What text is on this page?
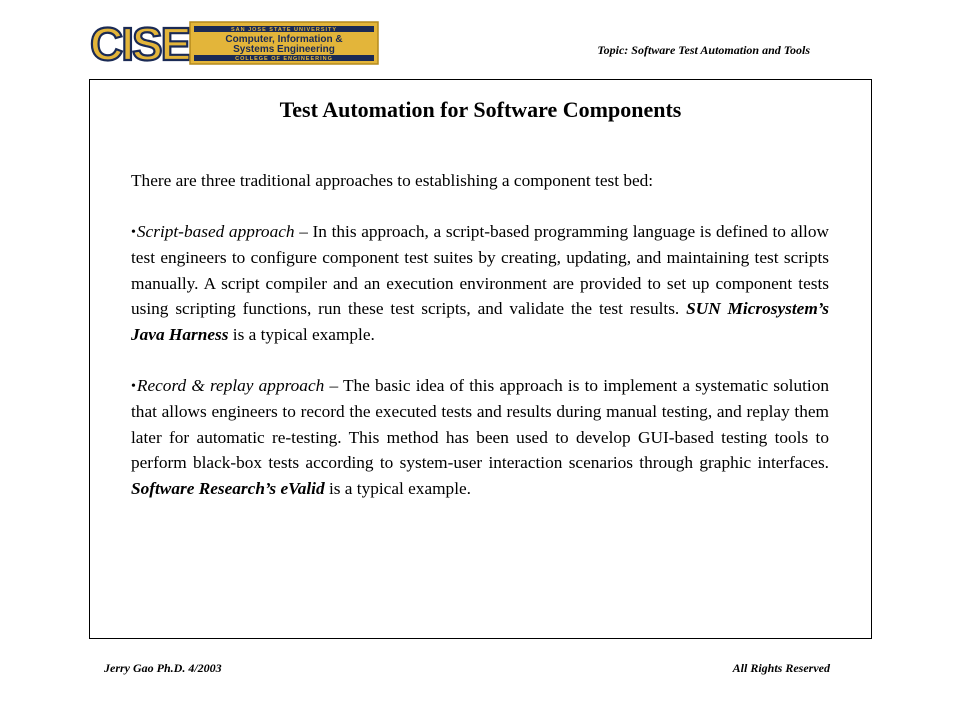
CISE	SAN JOSE STATE UNIVERSITY
Computer, Information &
Systems Engineering
COLLEGE OF ENGINEERING
Topic: Software Test Automation and Tools
Test Automation for Software Components

There are three traditional approaches to establishing a component test bed:

•Script-based approach – In this approach, a script-based programming language is defined to allow test engineers to configure component test suites by creating, updating, and maintaining test scripts manually. A script compiler and an execution environment are provided to set up component tests using scripting functions, run these test scripts, and validate the test results. SUN Microsystem’s Java Harness is a typical example.

•Record & replay approach – The basic idea of this approach is to implement a systematic solution that allows engineers to record the executed tests and results during manual testing, and replay them later for automatic re-testing. This method has been used to develop GUI-based testing tools to perform black-box tests according to system-user interaction scenarios through graphic interfaces. Software Research’s eValid is a typical example.

Jerry Gao Ph.D. 4/2003	All Rights Reserved
